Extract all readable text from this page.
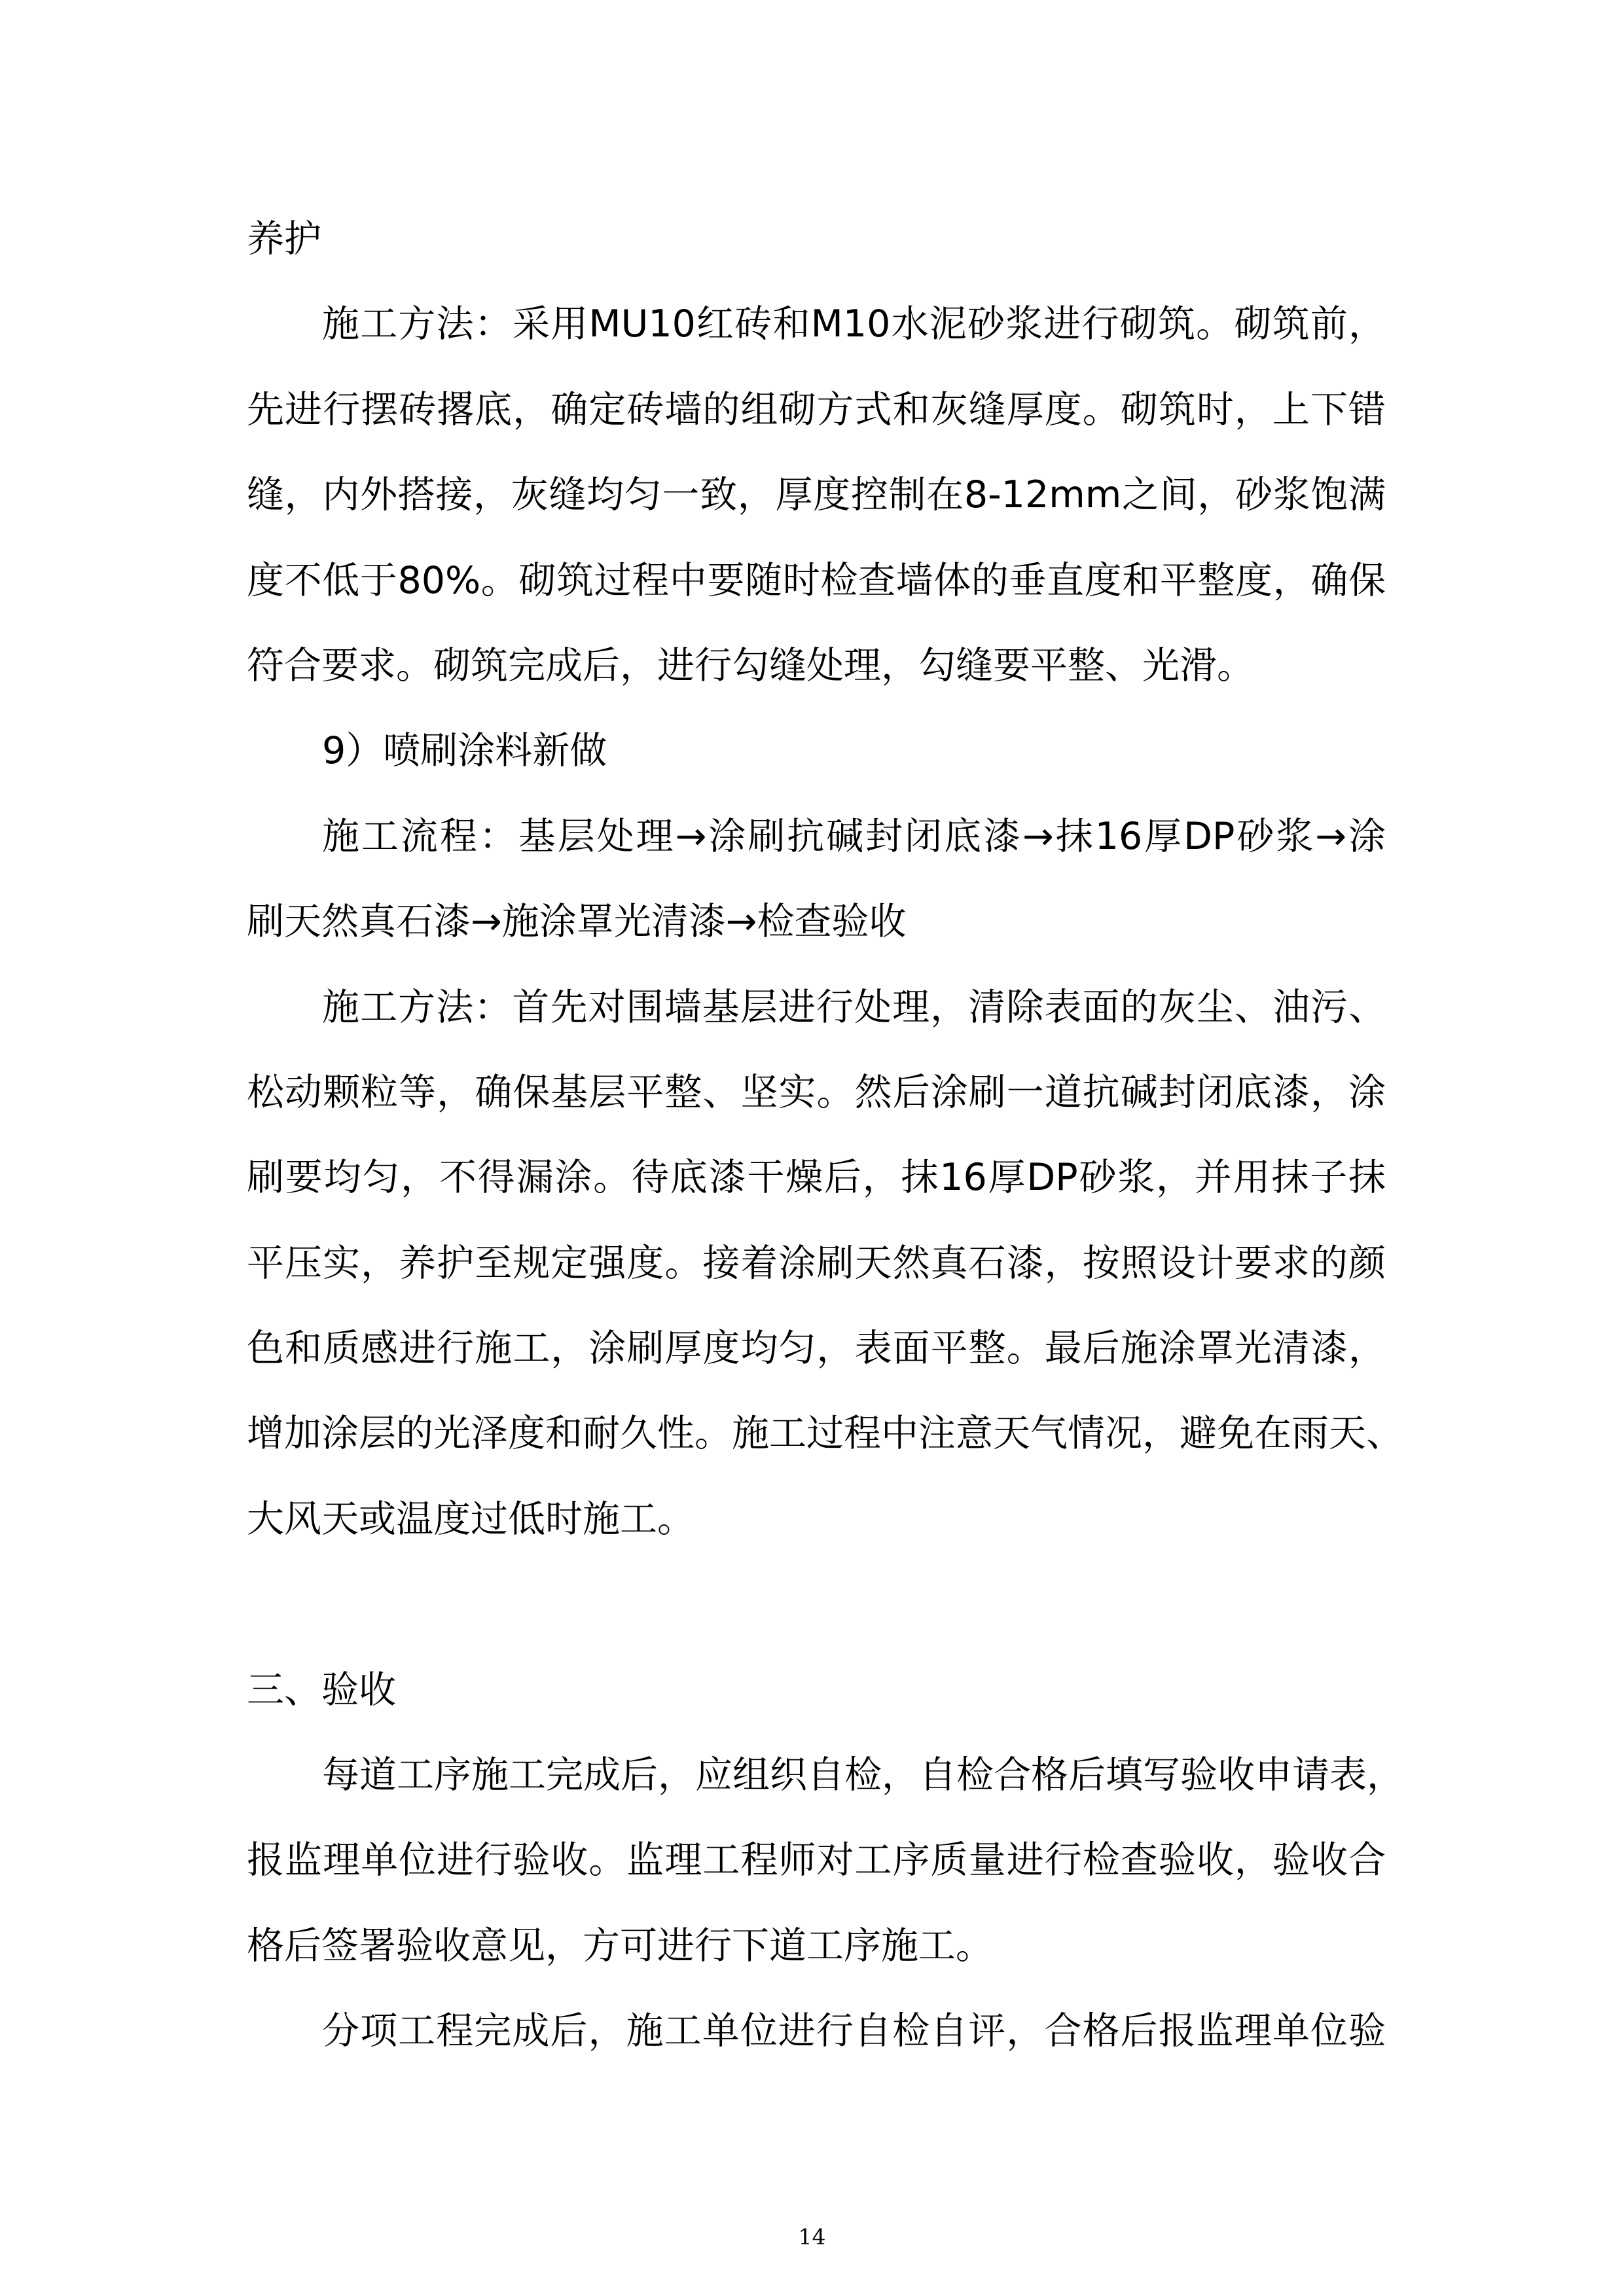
养护
施工方法：采用MU10红砖和M10水泥砂浆进行砌筑。砌筑前，
先进行摆砖撂底，确定砖墙的组砌方式和灰缝厚度。砌筑时，上下错
缝，内外搭接，灰缝均匀一致，厚度控制在8-12mm之间，砂浆饱满
度不低于80%。砌筑过程中要随时检查墙体的垂直度和平整度，确保
符合要求。砌筑完成后，进行勾缝处理，勾缝要平整、光滑。
9）喷刷涂料新做
施工流程：基层处理→涂刷抗碱封闭底漆→抹16厚DP砂浆→涂
刷天然真石漆→施涂罩光清漆→检查验收
施工方法：首先对围墙基层进行处理，清除表面的灰尘、油污、
松动颗粒等，确保基层平整、坚实。然后涂刷一道抗碱封闭底漆，涂
刷要均匀，不得漏涂。待底漆干燥后，抹16厚DP砂浆，并用抹子抹
平压实，养护至规定强度。接着涂刷天然真石漆，按照设计要求的颜
色和质感进行施工，涂刷厚度均匀，表面平整。最后施涂罩光清漆，
增加涂层的光泽度和耐久性。施工过程中注意天气情况，避免在雨天、
大风天或温度过低时施工。
三、验收
每道工序施工完成后，应组织自检，自检合格后填写验收申请表，
报监理单位进行验收。监理工程师对工序质量进行检查验收，验收合
格后签署验收意见，方可进行下道工序施工。
分项工程完成后，施工单位进行自检自评，合格后报监理单位验
14
